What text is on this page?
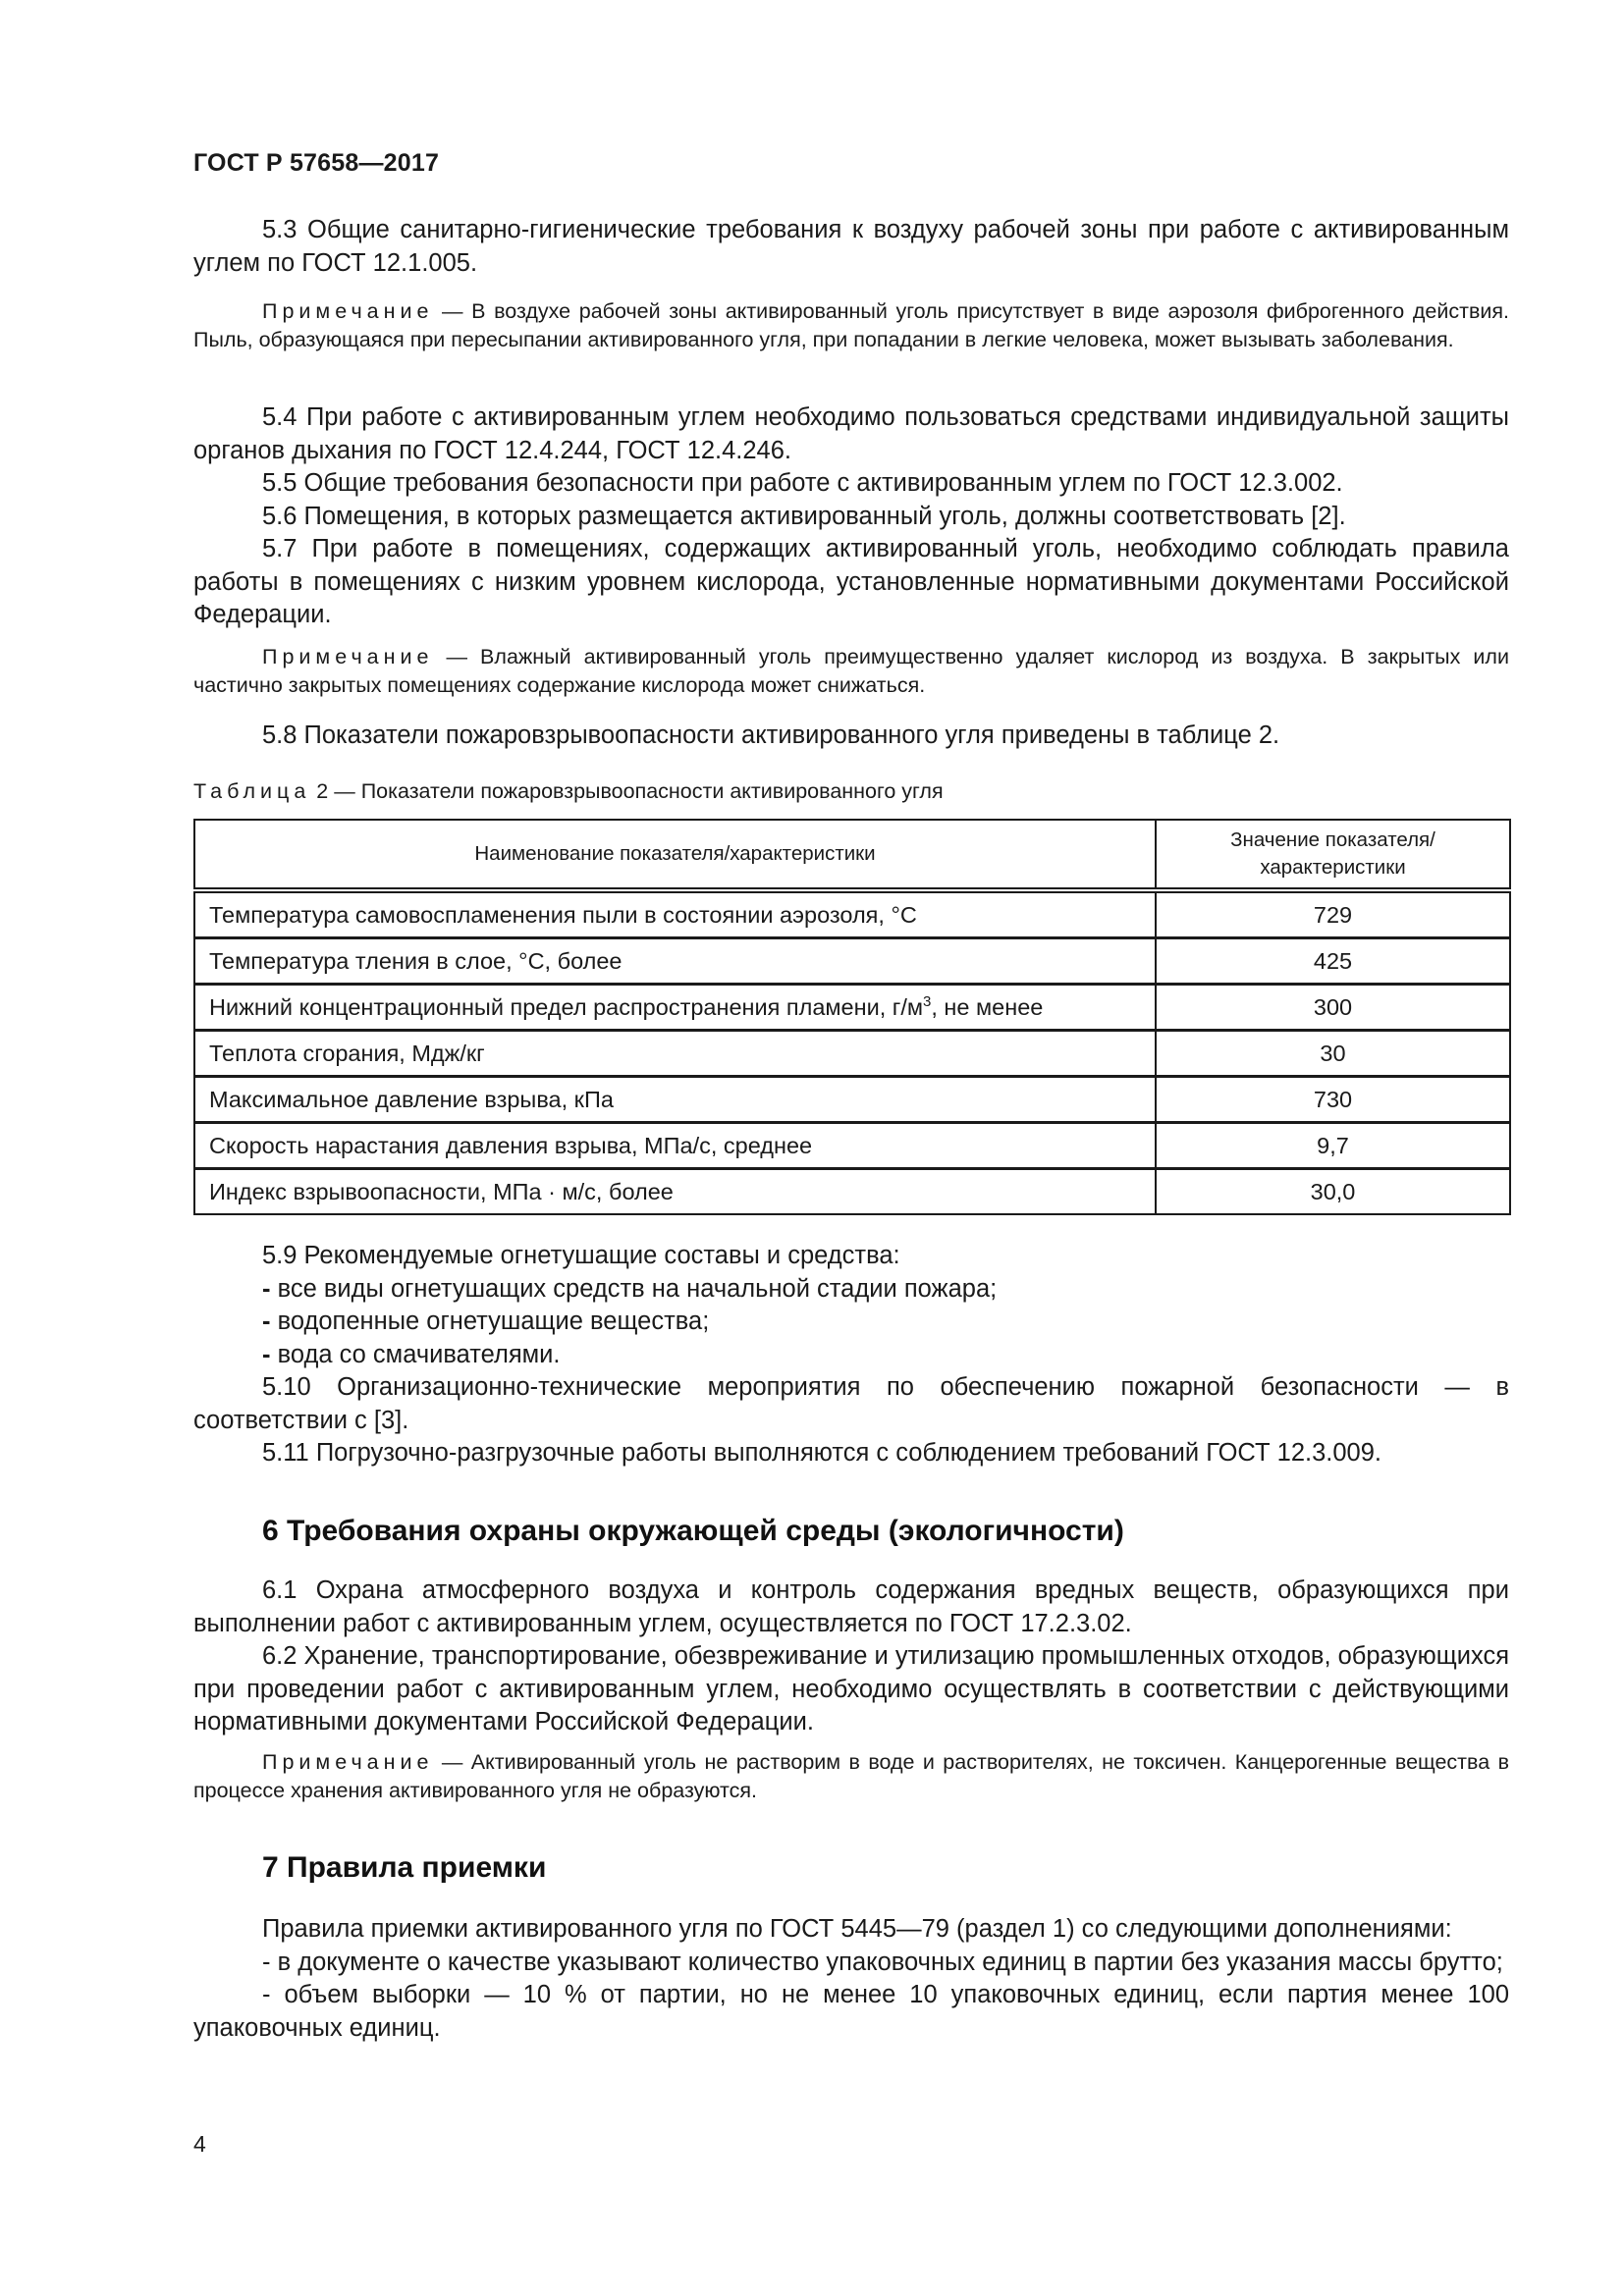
ГОСТ Р 57658—2017

5.3 Общие санитарно-гигиенические требования к воздуху рабочей зоны при работе с активированным углем по ГОСТ 12.1.005.

Примечание — В воздухе рабочей зоны активированный уголь присутствует в виде аэрозоля фиброгенного действия. Пыль, образующаяся при пересыпании активированного угля, при попадании в легкие человека, может вызывать заболевания.

5.4 При работе с активированным углем необходимо пользоваться средствами индивидуальной защиты органов дыхания по ГОСТ 12.4.244, ГОСТ 12.4.246.

5.5 Общие требования безопасности при работе с активированным углем по ГОСТ 12.3.002.

5.6 Помещения, в которых размещается активированный уголь, должны соответствовать [2].

5.7 При работе в помещениях, содержащих активированный уголь, необходимо соблюдать правила работы в помещениях с низким уровнем кислорода, установленные нормативными документами Российской Федерации.

Примечание — Влажный активированный уголь преимущественно удаляет кислород из воздуха. В закрытых или частично закрытых помещениях содержание кислорода может снижаться.

5.8 Показатели пожаровзрывоопасности активированного угля приведены в таблице 2.

Таблица 2 — Показатели пожаровзрывоопасности активированного угля
Наименование показателя/характеристики	Значение показателя/характеристики
Температура самовоспламенения пыли в состоянии аэрозоля, °С	729
Температура тления в слое, °С, более	425
Нижний концентрационный предел распространения пламени, $г/м^3$, не менее	300
Теплота сгорания, Мдж/кг	30
Максимальное давление взрыва, кПа	730
Скорость нарастания давления взрыва, МПа/с, среднее	9,7
Индекс взрывоопасности, МПа · м/с, более	30,0

5.9 Рекомендуемые огнетушащие составы и средства:

- все виды огнетушащих средств на начальной стадии пожара;

- водопенные огнетушащие вещества;

- вода со смачивателями.

5.10 Организационно-технические мероприятия по обеспечению пожарной безопасности — в соответствии с [3].

5.11 Погрузочно-разгрузочные работы выполняются с соблюдением требований ГОСТ 12.3.009.

6 Требования охраны окружающей среды (экологичности)

6.1 Охрана атмосферного воздуха и контроль содержания вредных веществ, образующихся при выполнении работ с активированным углем, осуществляется по ГОСТ 17.2.3.02.

6.2 Хранение, транспортирование, обезвреживание и утилизацию промышленных отходов, образующихся при проведении работ с активированным углем, необходимо осуществлять в соответствии с действующими нормативными документами Российской Федерации.

Примечание — Активированный уголь не растворим в воде и растворителях, не токсичен. Канцерогенные вещества в процессе хранения активированного угля не образуются.

7 Правила приемки

Правила приемки активированного угля по ГОСТ 5445—79 (раздел 1) со следующими дополнениями:

- в документе о качестве указывают количество упаковочных единиц в партии без указания массы брутто;

- объем выборки — 10 % от партии, но не менее 10 упаковочных единиц, если партия менее 100 упаковочных единиц.

4
